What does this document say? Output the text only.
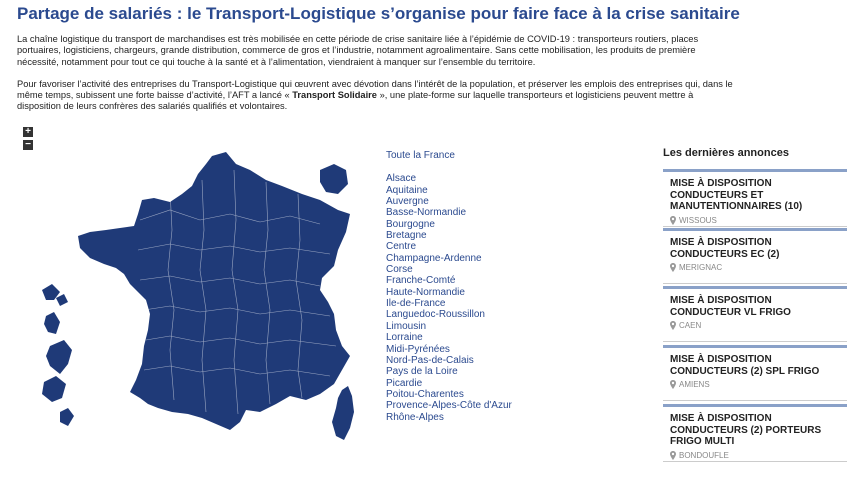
Partage de salariés : le Transport-Logistique s’organise pour faire face à la crise sanitaire

La chaîne logistique du transport de marchandises est très mobilisée en cette période de crise sanitaire liée à l’épidémie de COVID-19 : transporteurs routiers, places portuaires, logisticiens, chargeurs, grande distribution, commerce de gros et l’industrie, notamment agroalimentaire. Sans cette mobilisation, les produits de première nécessité, notamment pour tout ce qui touche à la santé et à l’alimentation, viendraient à manquer sur l’ensemble du territoire.

Pour favoriser l’activité des entreprises du Transport-Logistique qui œuvrent avec dévotion dans l’intérêt de la population, et préserver les emplois des entreprises qui, dans le même temps, subissent une forte baisse d’activité, l’AFT a lancé « Transport Solidaire », une plate-forme sur laquelle transporteurs et logisticiens peuvent mettre à disposition de leurs confrères des salariés qualifiés et volontaires.

+
−
Toute la France
Alsace
Aquitaine
Auvergne
Basse-Normandie
Bourgogne
Bretagne
Centre
Champagne-Ardenne
Corse
Franche-Comté
Haute-Normandie
Ile-de-France
Languedoc-Roussillon
Limousin
Lorraine
Midi-Pyrénées
Nord-Pas-de-Calais
Pays de la Loire
Picardie
Poitou-Charentes
Provence-Alpes-Côte d'Azur
Rhône-Alpes
Les dernières annonces
MISE À DISPOSITION CONDUCTEURS ET MANUTENTIONNAIRES (10)
WISSOUS
MISE À DISPOSITION CONDUCTEURS EC (2)
MERIGNAC
MISE À DISPOSITION CONDUCTEUR VL FRIGO
CAEN
MISE À DISPOSITION CONDUCTEURS (2) SPL FRIGO
AMIENS
MISE À DISPOSITION CONDUCTEURS (2) PORTEURS FRIGO MULTI
BONDOUFLE
